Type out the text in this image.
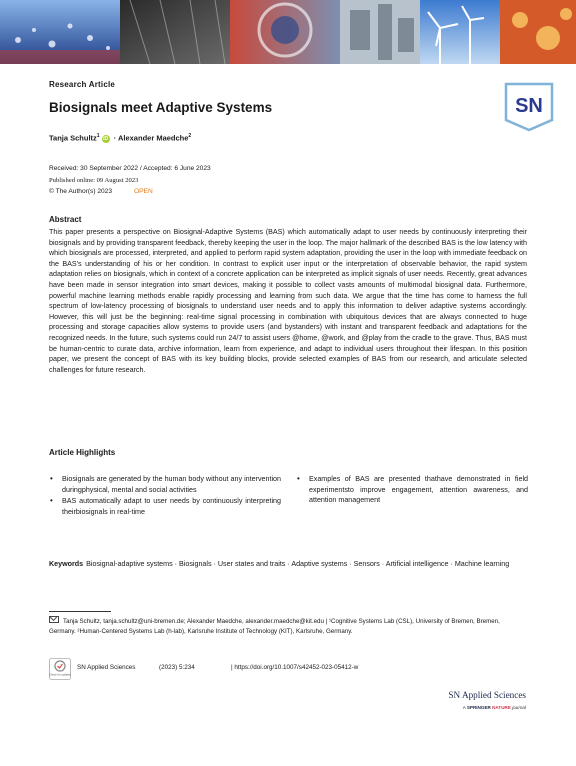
SN
Research Article
Biosignals meet Adaptive Systems
Tanja Schultz$^1$ iD · Alexander Maedche$^2$
Received: 30 September 2022 / Accepted: 6 June 2023
Published online: 09 August 2023
© The Author(s) 2023	OPEN
Abstract

This paper presents a perspective on Biosignal-Adaptive Systems (BAS) which automatically adapt to user needs by continuously interpreting their biosignals and by providing transparent feedback, thereby keeping the user in the loop. The major hallmark of the described BAS is the low latency with which biosignals are processed, interpreted, and applied to perform rapid system adaptation, providing the user in the loop with immediate feedback on the BAS's understanding of his or her condition. In contrast to explicit user input or the interpretation of observable behavior, the rapid system adaptation relies on biosignals, which in context of a concrete application can be interpreted as implicit signals of user needs. Recently, great advances have been made in sensor integration into smart devices, making it possible to collect vasts amounts of multimodal biosignal data. Furthermore, powerful machine learning methods enable rapidly processing and learning from such data. We argue that the time has come to harness the full spectrum of low-latency processing of biosignals to understand user needs and to apply this information to deliver adaptive systems accordingly. However, this will just be the beginning: real-time signal processing in combination with ubiquitous devices that are always connected to huge processing and storage capacities allow systems to provide users (and bystanders) with instant and transparent feedback and adaptations for the recognized needs. In the future, such systems could run 24/7 to assist users @home, @work, and @play from the cradle to the grave. Thus, BAS must be human-centric to curate data, archive information, learn from experience, and adapt to individual users throughout their lifespan. In this position paper, we present the concept of BAS with its key building blocks, provide selected examples of BAS from our research, and articulate selected challenges for future research.

Article Highlights
• Biosignals are generated by the human body without any intervention duringphysical, mental and social activities
• BAS automatically adapt to user needs by continuously interpreting theirbiosignals in real-time
• Examples of BAS are presented thathave demonstrated in field experimentsto improve engagement, attention awareness, and attention management
Keywords Biosignal-adaptive systems · Biosignals · User states and traits · Adaptive systems · Sensors · Artificial intelligence · Machine learning
Tanja Schultz, tanja.schultz@uni-bremen.de; Alexander Maedche, alexander.maedche@kit.edu | ¹Cognitive Systems Lab (CSL), University of Bremen, Bremen, Germany. ²Human-Centered Systems Lab (h-lab), Karlsruhe Institute of Technology (KIT), Karlsruhe, Germany.
Check for updates
SN Applied Sciences	(2023) 5:234	| https://doi.org/10.1007/s42452-023-05412-w
SN Applied Sciences
A SPRINGER NATURE journal
